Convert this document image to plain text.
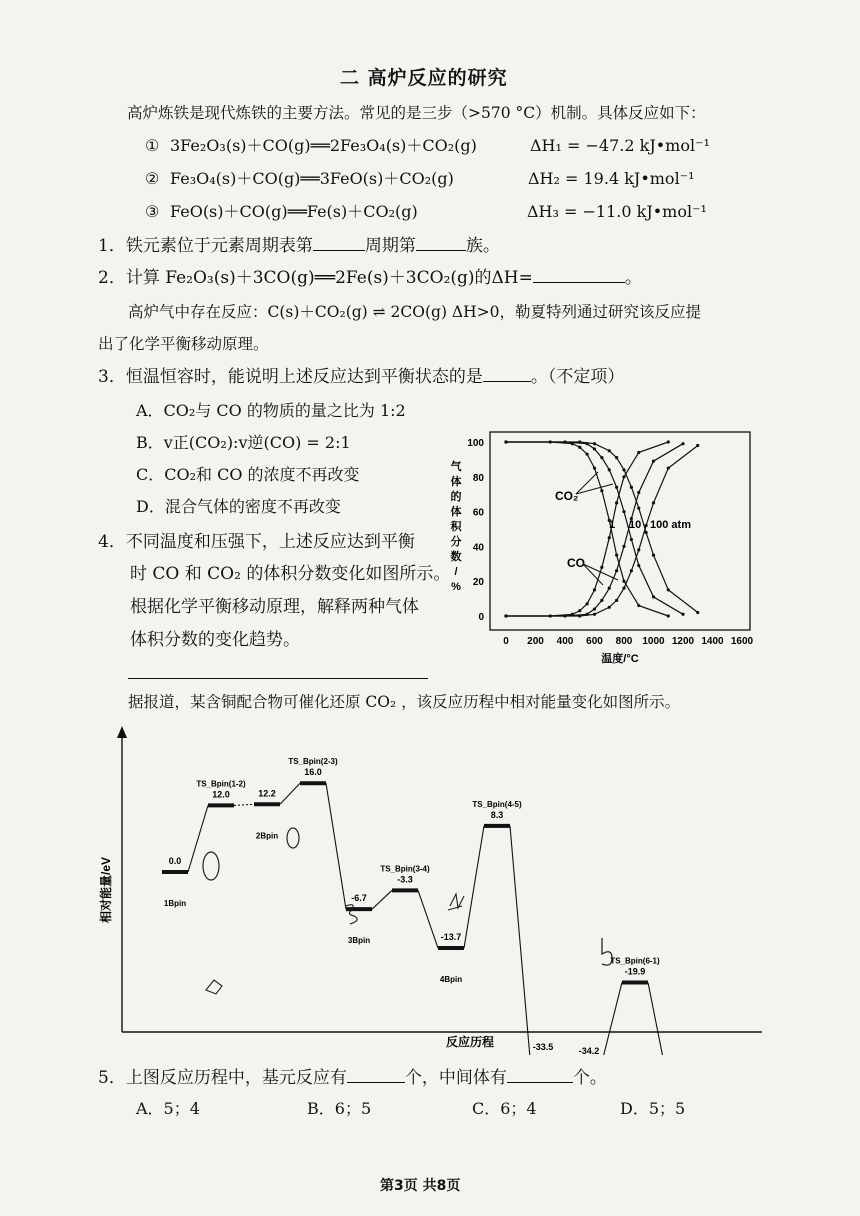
二 高炉反应的研究
高炉炼铁是现代炼铁的主要方法。常见的是三步（>570 °C）机制。具体反应如下：
① 3Fe₂O₃(s)＋CO(g)══2Fe₃O₄(s)＋CO₂(g)	ΔH₁ = −47.2 kJ•mol⁻¹
② Fe₃O₄(s)＋CO(g)══3FeO(s)＋CO₂(g)	ΔH₂ = 19.4 kJ•mol⁻¹
③ FeO(s)＋CO(g)══Fe(s)＋CO₂(g)	ΔH₃ = −11.0 kJ•mol⁻¹
1．铁元素位于元素周期表第	周期第	族。
2．计算 Fe₂O₃(s)＋3CO(g)══2Fe(s)＋3CO₂(g)的ΔH=	。
高炉气中存在反应：C(s)＋CO₂(g) ⇌ 2CO(g) ΔH>0，勒夏特列通过研究该反应提
出了化学平衡移动原理。
3．恒温恒容时，能说明上述反应达到平衡状态的是	。（不定项）
A．CO₂与 CO 的物质的量之比为 1:2
B．v正(CO₂):v逆(CO) = 2:1
C．CO₂和 CO 的浓度不再改变
D．混合气体的密度不再改变
4．不同温度和压强下，上述反应达到平衡
时 CO 和 CO₂ 的体积分数变化如图所示。
根据化学平衡移动原理，解释两种气体
体积分数的变化趋势。	0 200 400 600 800 1000 1200 1400 1600
0
20
40
60
80
100
气
体
的
体
积
分
数
/
%
温度/°C
CO₂
CO
1 10 100 atm
据报道，某含铜配合物可催化还原 CO₂ ，该反应历程中相对能量变化如图所示。
相对能量/eV
反应历程
0.0
1Bpin
12.0
TS_Bpin(1-2)
12.2
2Bpin
16.0
TS_Bpin(2-3)
-6.7
3Bpin
-3.3
TS_Bpin(3-4)
-13.7
4Bpin
8.3
TS_Bpin(4-5)
-33.5	-34.2
-19.9
TS_Bpin(6-1)
5．上图反应历程中，基元反应有	个，中间体有	个。
A．5；4	B．6；5	C．6；4	D．5；5
第3页 共8页
